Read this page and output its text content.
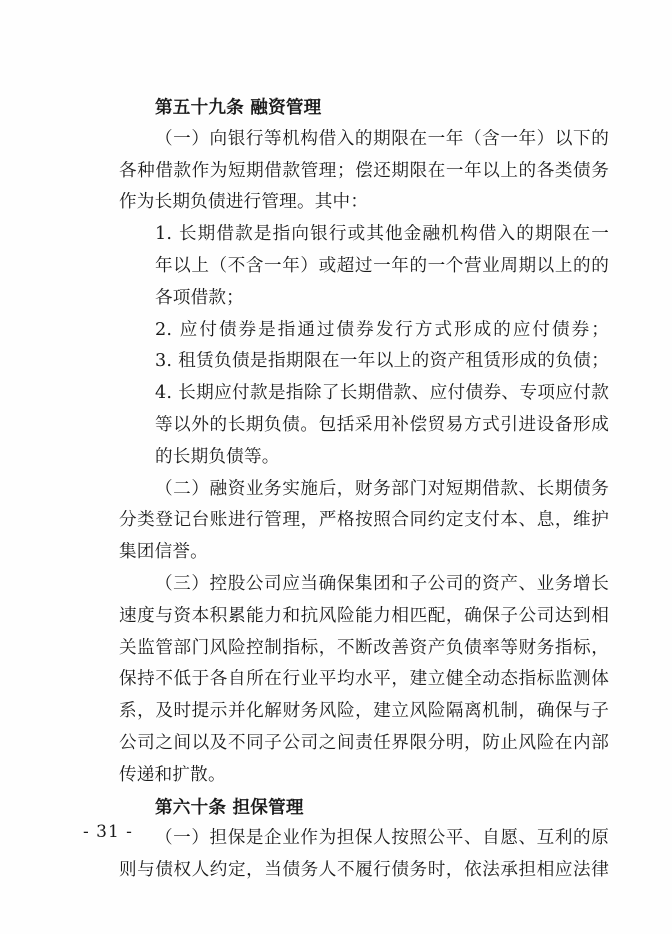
第五十九条 融资管理
（一）向银行等机构借入的期限在一年（含一年）以下的
各种借款作为短期借款管理；偿还期限在一年以上的各类债务
作为长期负债进行管理。其中：
1. 长期借款是指向银行或其他金融机构借入的期限在一
年以上（不含一年）或超过一年的一个营业周期以上的的
各项借款；
2. 应付债券是指通过债券发行方式形成的应付债券；
3. 租赁负债是指期限在一年以上的资产租赁形成的负债；
4. 长期应付款是指除了长期借款、应付债券、专项应付款
等以外的长期负债。包括采用补偿贸易方式引进设备形成
的长期负债等。
（二）融资业务实施后，财务部门对短期借款、长期债务
分类登记台账进行管理，严格按照合同约定支付本、息，维护
集团信誉。
（三）控股公司应当确保集团和子公司的资产、业务增长
速度与资本积累能力和抗风险能力相匹配，确保子公司达到相
关监管部门风险控制指标，不断改善资产负债率等财务指标，
保持不低于各自所在行业平均水平，建立健全动态指标监测体
系，及时提示并化解财务风险，建立风险隔离机制，确保与子
公司之间以及不同子公司之间责任界限分明，防止风险在内部
传递和扩散。
第六十条 担保管理
（一）担保是企业作为担保人按照公平、自愿、互利的原
则与债权人约定，当债务人不履行债务时，依法承担相应法律
- 31 -
